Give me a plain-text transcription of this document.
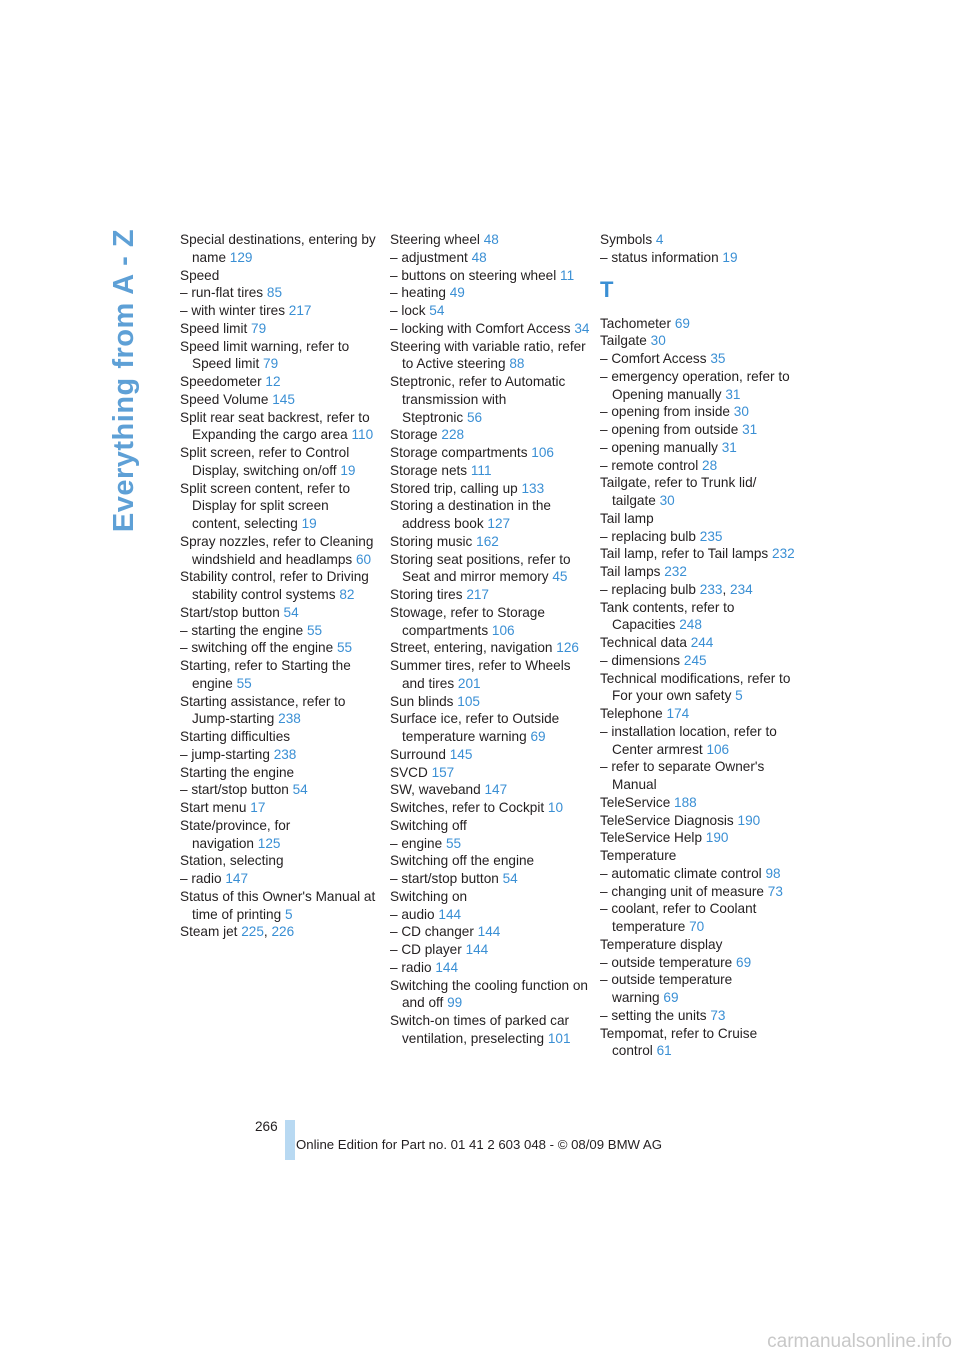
Everything from A - Z	Special destinations, entering by name 129
Speed
– run-flat tires 85
– with winter tires 217
Speed limit 79
Speed limit warning, refer to Speed limit 79
Speedometer 12
Speed Volume 145
Split rear seat backrest, refer to Expanding the cargo area 110
Split screen, refer to Control Display, switching on/off 19
Split screen content, refer to Display for split screen content, selecting 19
Spray nozzles, refer to Cleaning windshield and headlamps 60
Stability control, refer to Driving stability control systems 82
Start/stop button 54
– starting the engine 55
– switching off the engine 55
Starting, refer to Starting the engine 55
Starting assistance, refer to Jump-starting 238
Starting difficulties
– jump-starting 238
Starting the engine
– start/stop button 54
Start menu 17
State/province, for navigation 125
Station, selecting
– radio 147
Status of this Owner's Manual at time of printing 5
Steam jet 225, 226
Steering wheel 48
– adjustment 48
– buttons on steering wheel 11
– heating 49
– lock 54
– locking with Comfort Access 34
Steering with variable ratio, refer to Active steering 88
Steptronic, refer to Automatic transmission with Steptronic 56
Storage 228
Storage compartments 106
Storage nets 111
Stored trip, calling up 133
Storing a destination in the address book 127
Storing music 162
Storing seat positions, refer to Seat and mirror memory 45
Storing tires 217
Stowage, refer to Storage compartments 106
Street, entering, navigation 126
Summer tires, refer to Wheels and tires 201
Sun blinds 105
Surface ice, refer to Outside temperature warning 69
Surround 145
SVCD 157
SW, waveband 147
Switches, refer to Cockpit 10
Switching off
– engine 55
Switching off the engine
– start/stop button 54
Switching on
– audio 144
– CD changer 144
– CD player 144
– radio 144
Switching the cooling function on and off 99
Switch-on times of parked car ventilation, preselecting 101
Symbols 4
– status information 19
T
Tachometer 69
Tailgate 30
– Comfort Access 35
– emergency operation, refer to Opening manually 31
– opening from inside 30
– opening from outside 31
– opening manually 31
– remote control 28
Tailgate, refer to Trunk lid/ tailgate 30
Tail lamp
– replacing bulb 235
Tail lamp, refer to Tail lamps 232
Tail lamps 232
– replacing bulb 233, 234
Tank contents, refer to Capacities 248
Technical data 244
– dimensions 245
Technical modifications, refer to For your own safety 5
Telephone 174
– installation location, refer to Center armrest 106
– refer to separate Owner's Manual
TeleService 188
TeleService Diagnosis 190
TeleService Help 190
Temperature
– automatic climate control 98
– changing unit of measure 73
– coolant, refer to Coolant temperature 70
Temperature display
– outside temperature 69
– outside temperature warning 69
– setting the units 73
Tempomat, refer to Cruise control 61
266
Online Edition for Part no. 01 41 2 603 048 - © 08/09 BMW AG
carmanualsonline.info
